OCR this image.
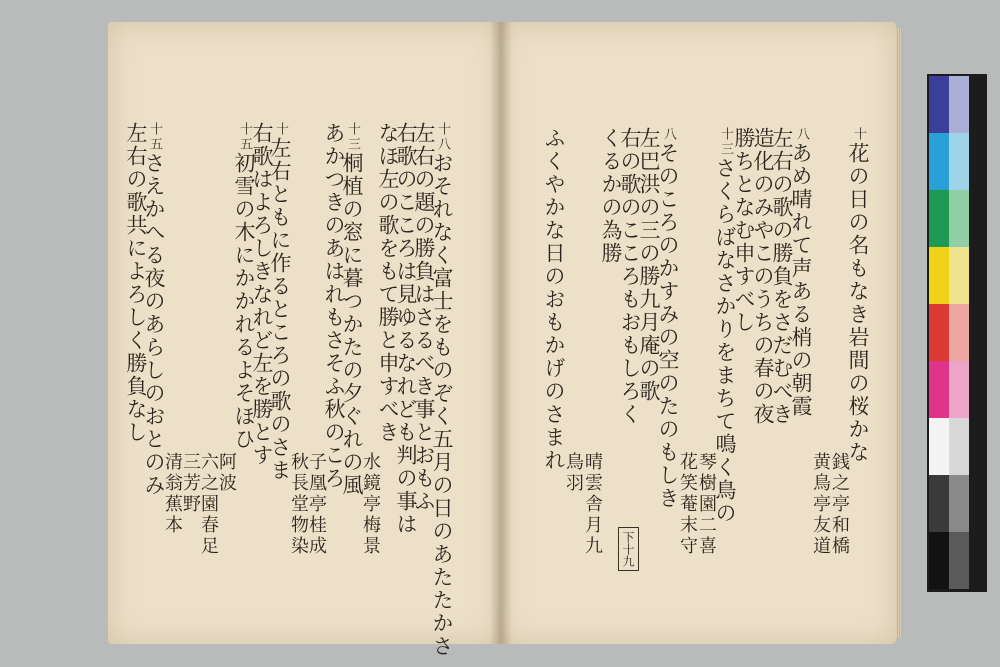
十八おそれなく富士をものぞく五月の日のあたたかさ
左右の題の勝負はさるべき事とおもふ
右歌のこころは見ゆるなれども判の事は
なほ左の歌をもて勝と申すべき
水鏡亭梅景
十三桐植の窓に暮つかたの夕ぐれの風
あかつきのあはれもさそふ秋のころ
子凰亭桂成
秋長堂物染
十左右ともに作るところの歌のさま
右歌はよろしきなれど左を勝とす
十五初雪の木にかかれるよそほひ
阿波
六之園春足
三芳野
清翁蕉本
十五さえかへる夜のあらしのおとのみ
左右の歌共によろしく勝負なし	十花の日の名もなき岩間の桜かな
銭之亭和橋
黄鳥亭友道
八あめ晴れて声ある梢の朝霞
左右の歌の勝負をさだむべき
造化のみやこのうちの春の夜
勝ちとなむ申すべし
十三さくらばなさかりをまちて鳴く鳥の
琴樹園二喜
花笑菴末守
八そのころのかすみの空のたのもしき
左巴洪の三の勝九月庵の歌
右の歌のこころもおもしろく
くるかの為勝
晴雲舎月九
鳥羽
ふくやかな日のおもかげのさまれ
下十九
